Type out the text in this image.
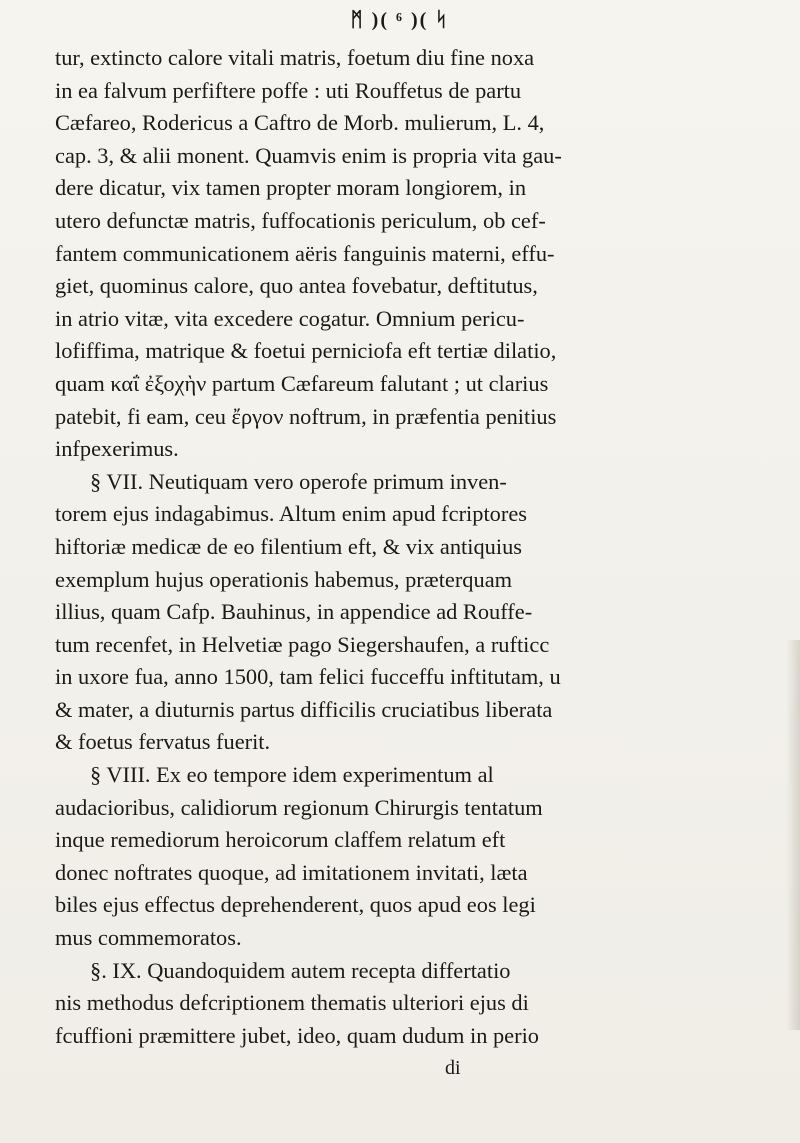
ᛗ )( ⁶ )( ᛋ
tur, extincto calore vitali matris, foetum diu fine noxa
in ea falvum perfiftere poffe : uti Rouffetus de partu
Cæfareo, Rodericus a Caftro de Morb. mulierum, L. 4,
cap. 3, & alii monent. Quamvis enim is propria vita gau-
dere dicatur, vix tamen propter moram longiorem, in
utero defunctæ matris, fuffocationis periculum, ob cef-
fantem communicationem aëris fanguinis materni, effu-
giet, quominus calore, quo antea fovebatur, deftitutus,
in atrio vitæ, vita excedere cogatur. Omnium pericu-
lofiffima, matrique & foetui perniciofa eft tertiæ dilatio,
quam καΐ ἐξοχὴν partum Cæfareum falutant ; ut clarius
patebit, fi eam, ceu ἔργον noftrum, in præfentia penitius
infpexerimus.
§ VII. Neutiquam vero operofe primum inven-
torem ejus indagabimus. Altum enim apud fcriptores
hiftoriæ medicæ de eo filentium eft, & vix antiquius
exemplum hujus operationis habemus, præterquam
illius, quam Cafp. Bauhinus, in appendice ad Rouffe-
tum recenfet, in Helvetiæ pago Siegershaufen, a rufticc
in uxore fua, anno 1500, tam felici fucceffu inftitutam, u
& mater, a diuturnis partus difficilis cruciatibus liberata
& foetus fervatus fuerit.
§ VIII. Ex eo tempore idem experimentum al
audacioribus, calidiorum regionum Chirurgis tentatum
inque remediorum heroicorum claffem relatum eft
donec noftrates quoque, ad imitationem invitati, læta
biles ejus effectus deprehenderent, quos apud eos legi
mus commemoratos.
§. IX. Quandoquidem autem recepta differtatio
nis methodus defcriptionem thematis ulteriori ejus di
fcuffioni præmittere jubet, ideo, quam dudum in perio
di
